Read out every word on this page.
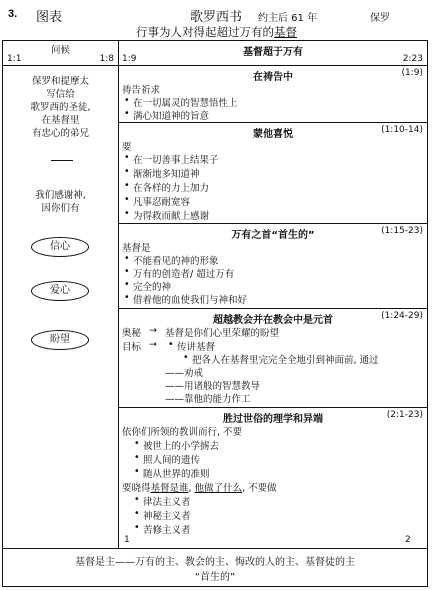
3. 图表	歌罗西书 约主后 61 年	保罗
行事为人对得起超过万有的基督
问候
1:1	1:8
保罗和提摩太
写信给
歌罗西的圣徒,
在基督里
有忠心的弟兄
我们感谢神,
因你们有
信心
爱心
盼望
基督超于万有
1:9	2:23
在祷告中	(1:9)
祷告祈求
• 在一切属灵的智慧悟性上
• 满心知道神的旨意
蒙他喜悦	(1:10-14)
要
• 在一切善事上结果子
• 渐渐地多知道神
• 在各样的力上加力
• 凡事忍耐宽容
• 为得救而献上感谢
万有之首“首生的”	(1:15-23)
基督是
• 不能看见的神的形象
• 万有的创造者/ 超过万有
• 完全的神
• 借着他的血使我们与神和好
超越教会并在教会中是元首	(1:24-29)
奥秘 → 基督是你们心里荣耀的盼望
目标 →
• 传讲基督
• 把各人在基督里完完全全地引到神面前, 通过
——劝戒
——用诸般的智慧教导
——靠他的能力作工
胜过世俗的理学和异端	(2:1-23)
依你们所领的教训而行, 不要
• 被世上的小学掳去
• 照人间的遗传
• 随从世界的准则
要晓得基督是谁, 他做了什么, 不要做
• 律法主义者
• 神秘主义者
• 苦修主义者
1	2
基督是主——万有的主、教会的主、悔改的人的主、基督徒的主
“首生的”
